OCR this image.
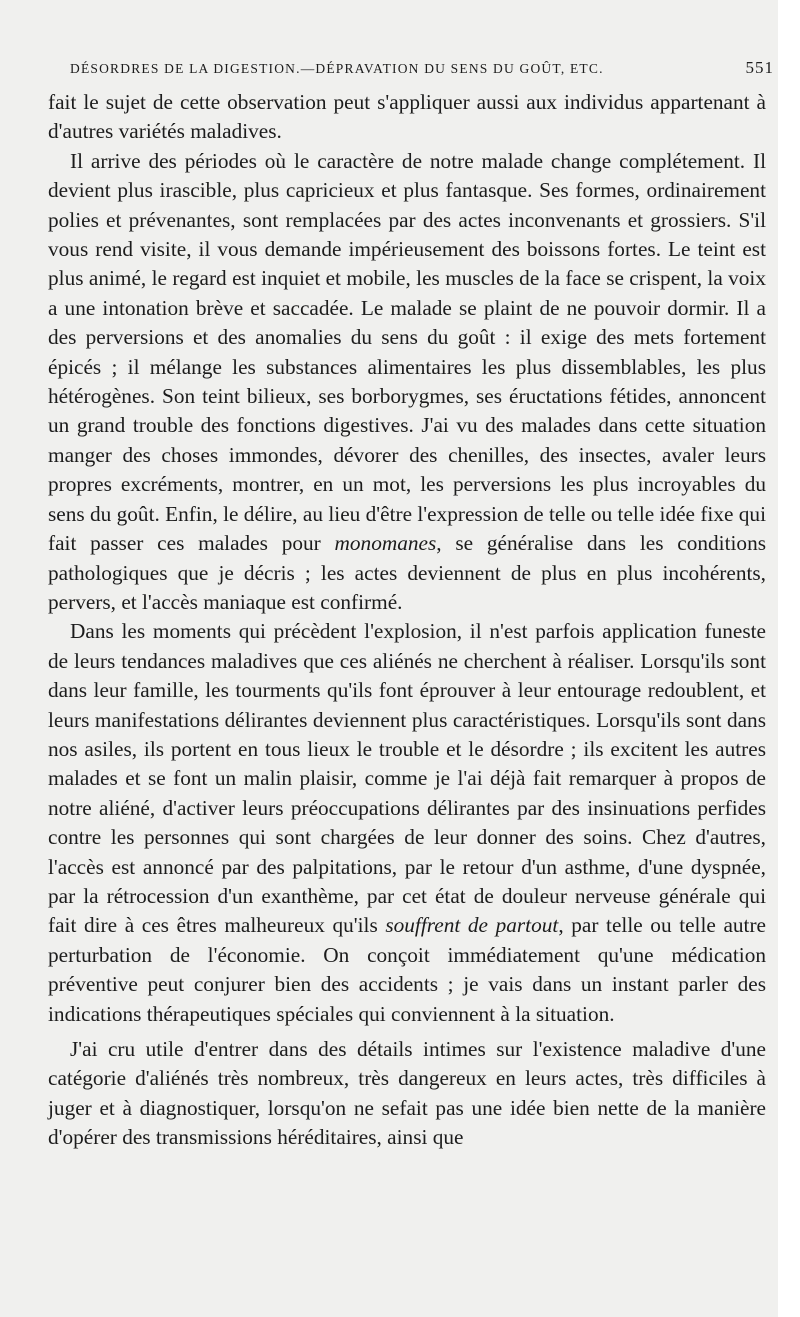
DÉSORDRES DE LA DIGESTION.—DÉPRAVATION DU SENS DU GOÛT, ETC.	551

fait le sujet de cette observation peut s'appliquer aussi aux individus appartenant à d'autres variétés maladives.

Il arrive des périodes où le caractère de notre malade change complétement. Il devient plus irascible, plus capricieux et plus fantasque. Ses formes, ordinairement polies et prévenantes, sont remplacées par des actes inconvenants et grossiers. S'il vous rend visite, il vous demande impérieusement des boissons fortes. Le teint est plus animé, le regard est inquiet et mobile, les muscles de la face se crispent, la voix a une intonation brève et saccadée. Le malade se plaint de ne pouvoir dormir. Il a des perversions et des anomalies du sens du goût : il exige des mets fortement épicés ; il mélange les substances alimentaires les plus dissemblables, les plus hétérogènes. Son teint bilieux, ses borborygmes, ses éructations fétides, annoncent un grand trouble des fonctions digestives. J'ai vu des malades dans cette situation manger des choses immondes, dévorer des chenilles, des insectes, avaler leurs propres excréments, montrer, en un mot, les perversions les plus incroyables du sens du goût. Enfin, le délire, au lieu d'être l'expression de telle ou telle idée fixe qui fait passer ces malades pour monomanes, se généralise dans les conditions pathologiques que je décris ; les actes deviennent de plus en plus incohérents, pervers, et l'accès maniaque est confirmé.

Dans les moments qui précèdent l'explosion, il n'est parfois application funeste de leurs tendances maladives que ces aliénés ne cherchent à réaliser. Lorsqu'ils sont dans leur famille, les tourments qu'ils font éprouver à leur entourage redoublent, et leurs manifestations délirantes deviennent plus caractéristiques. Lorsqu'ils sont dans nos asiles, ils portent en tous lieux le trouble et le désordre ; ils excitent les autres malades et se font un malin plaisir, comme je l'ai déjà fait remarquer à propos de notre aliéné, d'activer leurs préoccupations délirantes par des insinuations perfides contre les personnes qui sont chargées de leur donner des soins. Chez d'autres, l'accès est annoncé par des palpitations, par le retour d'un asthme, d'une dyspnée, par la rétrocession d'un exanthème, par cet état de douleur nerveuse générale qui fait dire à ces êtres malheureux qu'ils souffrent de partout, par telle ou telle autre perturbation de l'économie. On conçoit immédiatement qu'une médication préventive peut conjurer bien des accidents ; je vais dans un instant parler des indications thérapeutiques spéciales qui conviennent à la situation.

J'ai cru utile d'entrer dans des détails intimes sur l'existence maladive d'une catégorie d'aliénés très nombreux, très dangereux en leurs actes, très difficiles à juger et à diagnostiquer, lorsqu'on ne sefait pas une idée bien nette de la manière d'opérer des transmissions héréditaires, ainsi que
